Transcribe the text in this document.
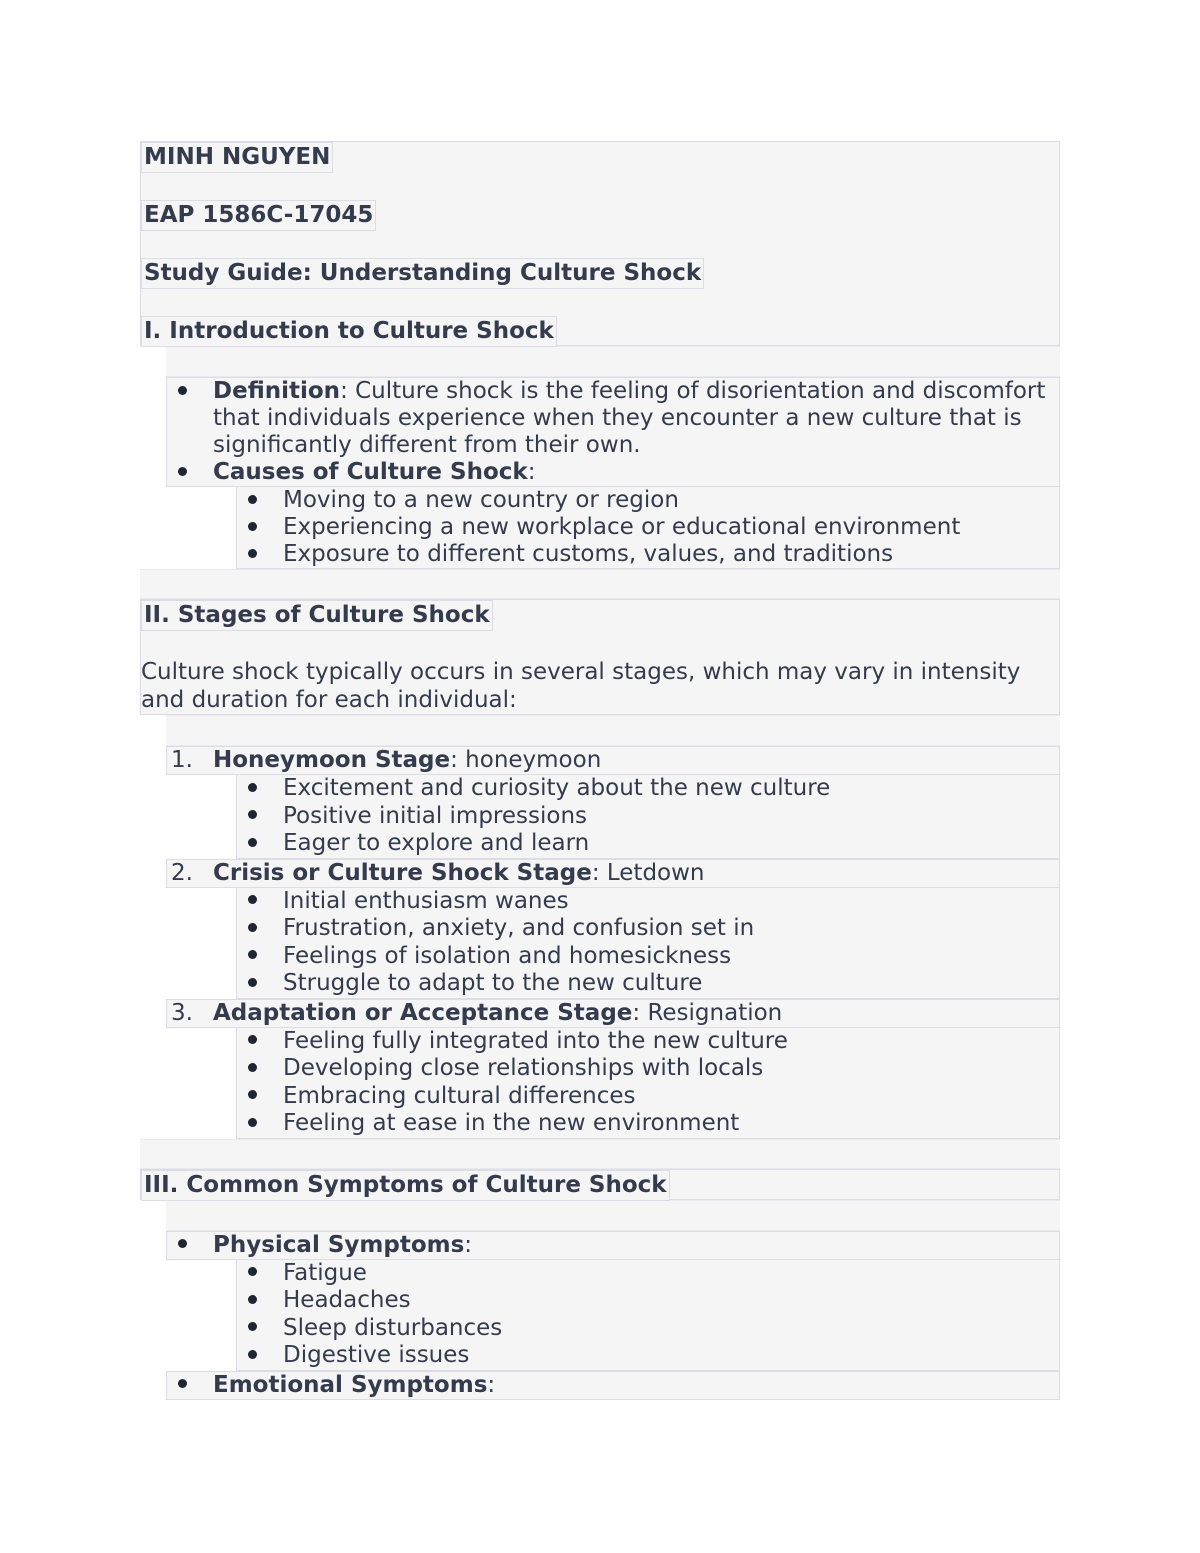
MINH NGUYEN
EAP 1586C-17045
Study Guide: Understanding Culture Shock
I. Introduction to Culture Shock
Definition: Culture shock is the feeling of disorientation and discomfort that individuals experience when they encounter a new culture that is significantly different from their own.
Causes of Culture Shock:
Moving to a new country or region
Experiencing a new workplace or educational environment
Exposure to different customs, values, and traditions
II. Stages of Culture Shock
Culture shock typically occurs in several stages, which may vary in intensity and duration for each individual:
1. Honeymoon Stage: honeymoon
Excitement and curiosity about the new culture
Positive initial impressions
Eager to explore and learn
2. Crisis or Culture Shock Stage: Letdown
Initial enthusiasm wanes
Frustration, anxiety, and confusion set in
Feelings of isolation and homesickness
Struggle to adapt to the new culture
3. Adaptation or Acceptance Stage: Resignation
Feeling fully integrated into the new culture
Developing close relationships with locals
Embracing cultural differences
Feeling at ease in the new environment
III. Common Symptoms of Culture Shock
Physical Symptoms:
Fatigue
Headaches
Sleep disturbances
Digestive issues
Emotional Symptoms:
